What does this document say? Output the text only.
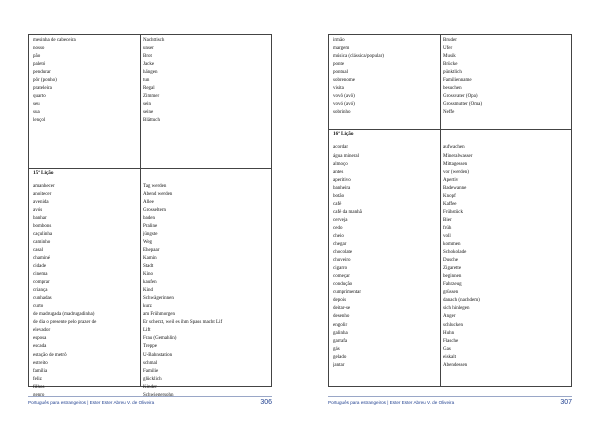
mesinha de cabeceira	Nachttisch
nosso	unser
pão	Brot
paletó	Jacke
pendurar	hängen
pôr (ponho)	tun
prateleira	Regal
quarto	Zimmer
seu	sein
sua	seine
lençol	Blättuch
15ª Lição
amanhecer	Tag werden
anoitecer	Abend werden
avenida	Allee
avós	Grosseltern
banhar	baden
bombons	Praline
caçulinha	jüngste
caminho	Weg
casal	Ehepaar
chaminé	Kamin
cidade	Stadt
cinema	Kino
comprar	kaufen
criança	Kind
cunhadas	Schwägerinnen
curto	kurz
de madrugada (madrugadinha)	am Frühmorgen
de dia o presente pelo prazer de	Er scherzt, weil es ihm Spass macht Lif
elevador	Lift
esposa	Frau (Gemahlin)
escada	Treppe
estação de metrô	U-Bahnstation
estreito	schmal
família	Familie
feliz	glücklich
filhos	Kinder
genro	Schwiegersohn
Português para estrangeiros | Ester Ester Abreu V. de Oliveira	306
irmão	Bruder
margem	Ufer
música (clássica/popular)	Musik
ponte	Brücke
pontual	pünktlich
sobrenome	Familienname
visita	besuchen
vovô (avô)	Grossvater (Opa)
vovó (avó)	Grossmutter (Oma)
sobrinho	Neffe
16ª Lição
acordar	aufwachen
água mineral	Mineralwasser
almoço	Mittagessen
antes	vor (werden)
aperitivo	Apertiv
banheira	Badewanne
botão	Knopf
café	Kaffee
café da manhã	Frühstück
cerveja	Bier
cedo	früh
cheio	voll
chegar	kommen
chocolate	Schokolade
chuveiro	Dusche
cigarro	Zigarette
começar	beginnen
condução	Fahrzeug
cumprimentar	grüssen
depois	danach (nachdem)
deitar-se	sich hinlegen
desenho	Anger
engolir	schlucken
galinha	Huhn
garrafa	Flasche
gás	Gas
gelado	eiskalt
jantar	Abendessen
Português para estrangeiros | Ester Ester Abreu V. de Oliveira	307
